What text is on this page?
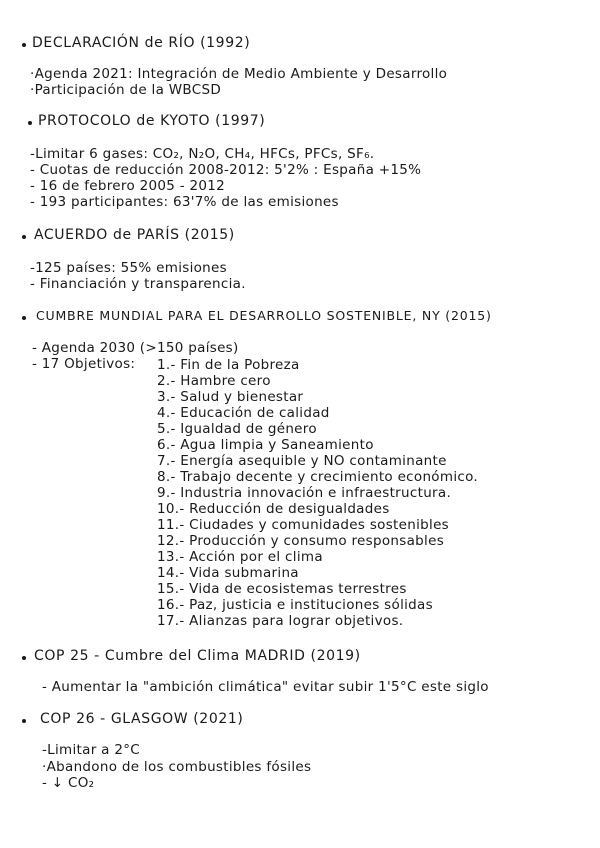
DECLARACIÓN de RÍO (1992)
·Agenda 2021: Integración de Medio Ambiente y Desarrollo
·Participación de la WBCSD
PROTOCOLO de KYOTO (1997)
-Limitar 6 gases: CO₂, N₂O, CH₄, HFCs, PFCs, SF₆.
- Cuotas de reducción 2008-2012: 5'2% : España +15%
- 16 de febrero 2005 - 2012
- 193 participantes: 63'7% de las emisiones
ACUERDO de PARÍS (2015)
-125 países: 55% emisiones
- Financiación y transparencia.
CUMBRE MUNDIAL PARA EL DESARROLLO SOSTENIBLE, NY (2015)
- Agenda 2030 (>150 países)
- 17 Objetivos: 1.- Fin de la Pobreza
2.- Hambre cero
3.- Salud y bienestar
4.- Educación de calidad
5.- Igualdad de género
6.- Agua limpia y Saneamiento
7.- Energía asequible y NO contaminante
8.- Trabajo decente y crecimiento económico.
9.- Industria innovación e infraestructura.
10.- Reducción de desigualdades
11.- Ciudades y comunidades sostenibles
12.- Producción y consumo responsables
13.- Acción por el clima
14.- Vida submarina
15.- Vida de ecosistemas terrestres
16.- Paz, justicia e instituciones sólidas
17.- Alianzas para lograr objetivos.
COP 25 - Cumbre del Clima MADRID (2019)
- Aumentar la "ambición climática" evitar subir 1'5°C este siglo
COP 26 - GLASGOW (2021)
-Limitar a 2°C
·Abandono de los combustibles fósiles
- ↓ CO₂
